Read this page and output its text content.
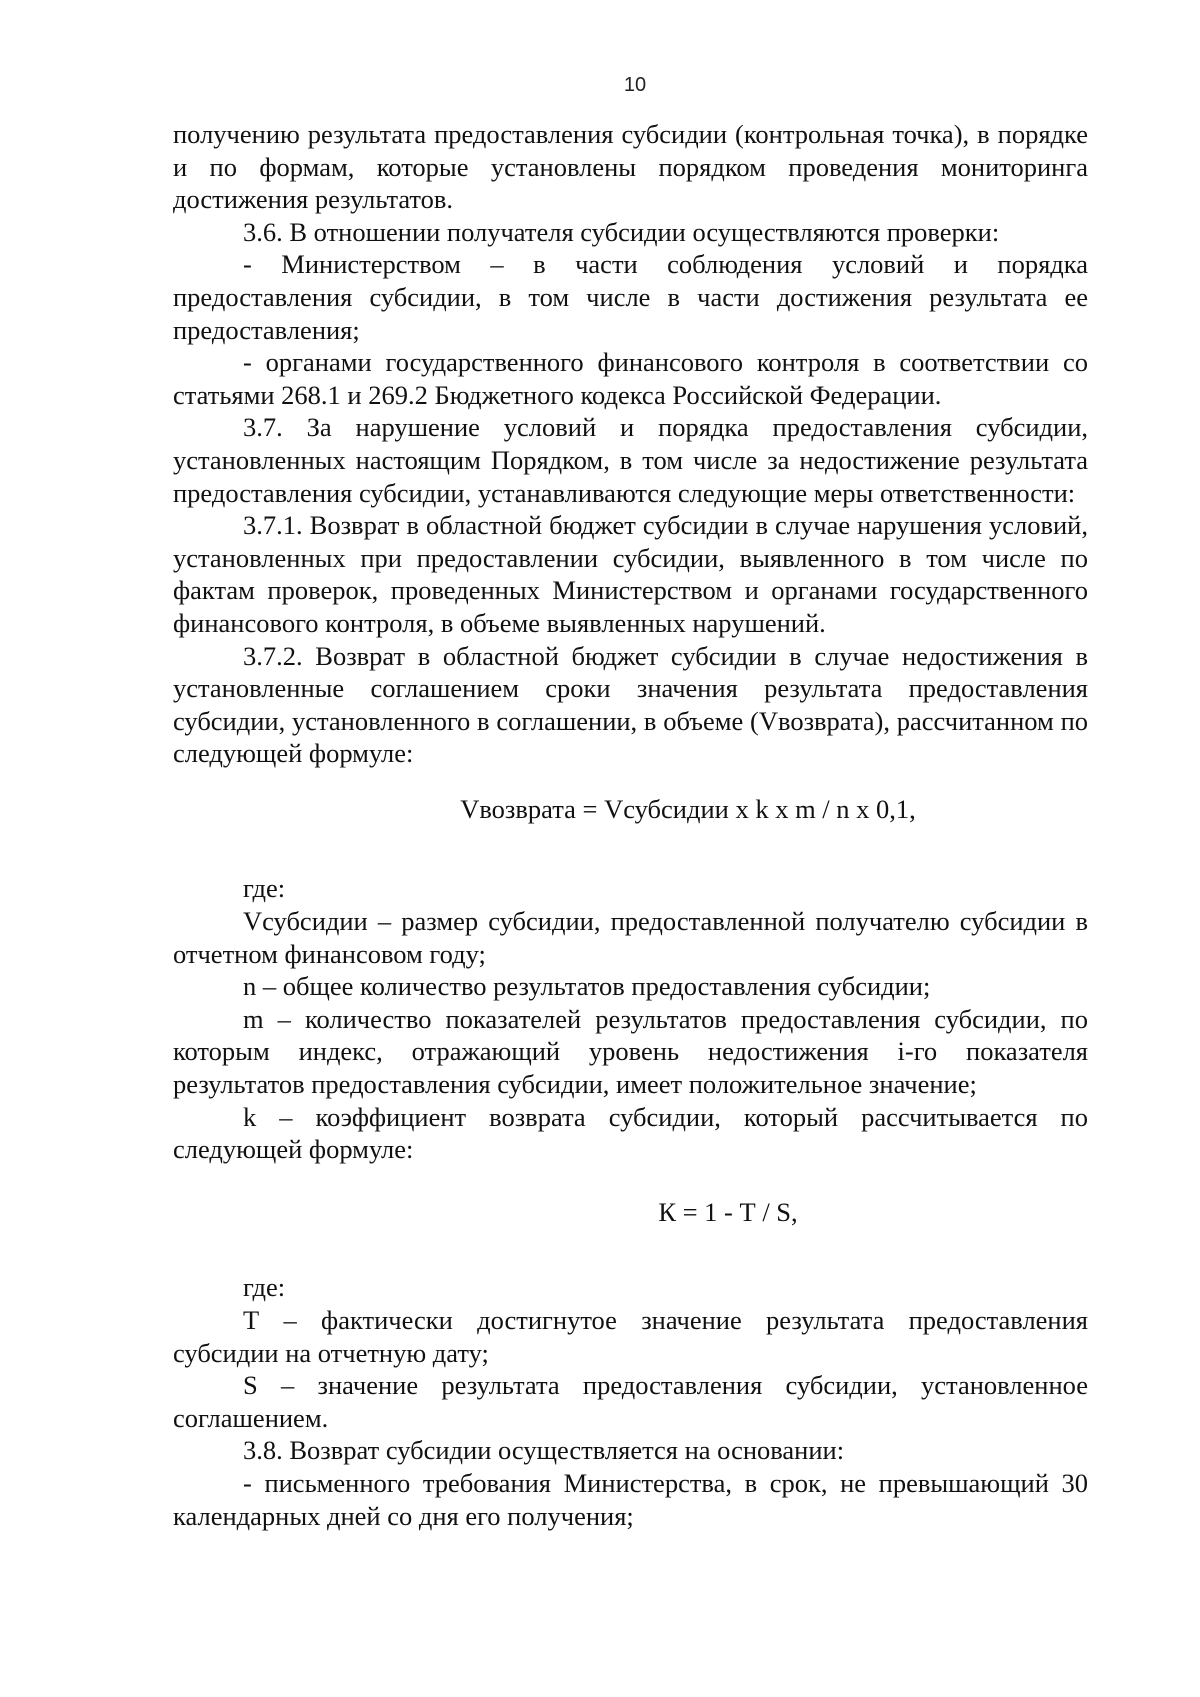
10

получению результата предоставления субсидии (контрольная точка), в порядке и по формам, которые установлены порядком проведения мониторинга достижения результатов.

3.6. В отношении получателя субсидии осуществляются проверки:

- Министерством – в части соблюдения условий и порядка предоставления субсидии, в том числе в части достижения результата ее предоставления;

- органами государственного финансового контроля в соответствии со статьями 268.1 и 269.2 Бюджетного кодекса Российской Федерации.

3.7. За нарушение условий и порядка предоставления субсидии, установленных настоящим Порядком, в том числе за недостижение результата предоставления субсидии, устанавливаются следующие меры ответственности:

3.7.1. Возврат в областной бюджет субсидии в случае нарушения условий, установленных при предоставлении субсидии, выявленного в том числе по фактам проверок, проведенных Министерством и органами государственного финансового контроля, в объеме выявленных нарушений.

3.7.2. Возврат в областной бюджет субсидии в случае недостижения в установленные соглашением сроки значения результата предоставления субсидии, установленного в соглашении, в объеме (Vвозврата), рассчитанном по следующей формуле:

Vвозврата = Vсубсидии x k x m / n x 0,1,

где:

Vсубсидии – размер субсидии, предоставленной получателю субсидии в отчетном финансовом году;

n – общее количество результатов предоставления субсидии;

m – количество показателей результатов предоставления субсидии, по которым индекс, отражающий уровень недостижения i-го показателя результатов предоставления субсидии, имеет положительное значение;

k – коэффициент возврата субсидии, который рассчитывается по следующей формуле:

К = 1 - Т / S,

где:

Т – фактически достигнутое значение результата предоставления субсидии на отчетную дату;

S – значение результата предоставления субсидии, установленное соглашением.

3.8. Возврат субсидии осуществляется на основании:

- письменного требования Министерства, в срок, не превышающий 30 календарных дней со дня его получения;
